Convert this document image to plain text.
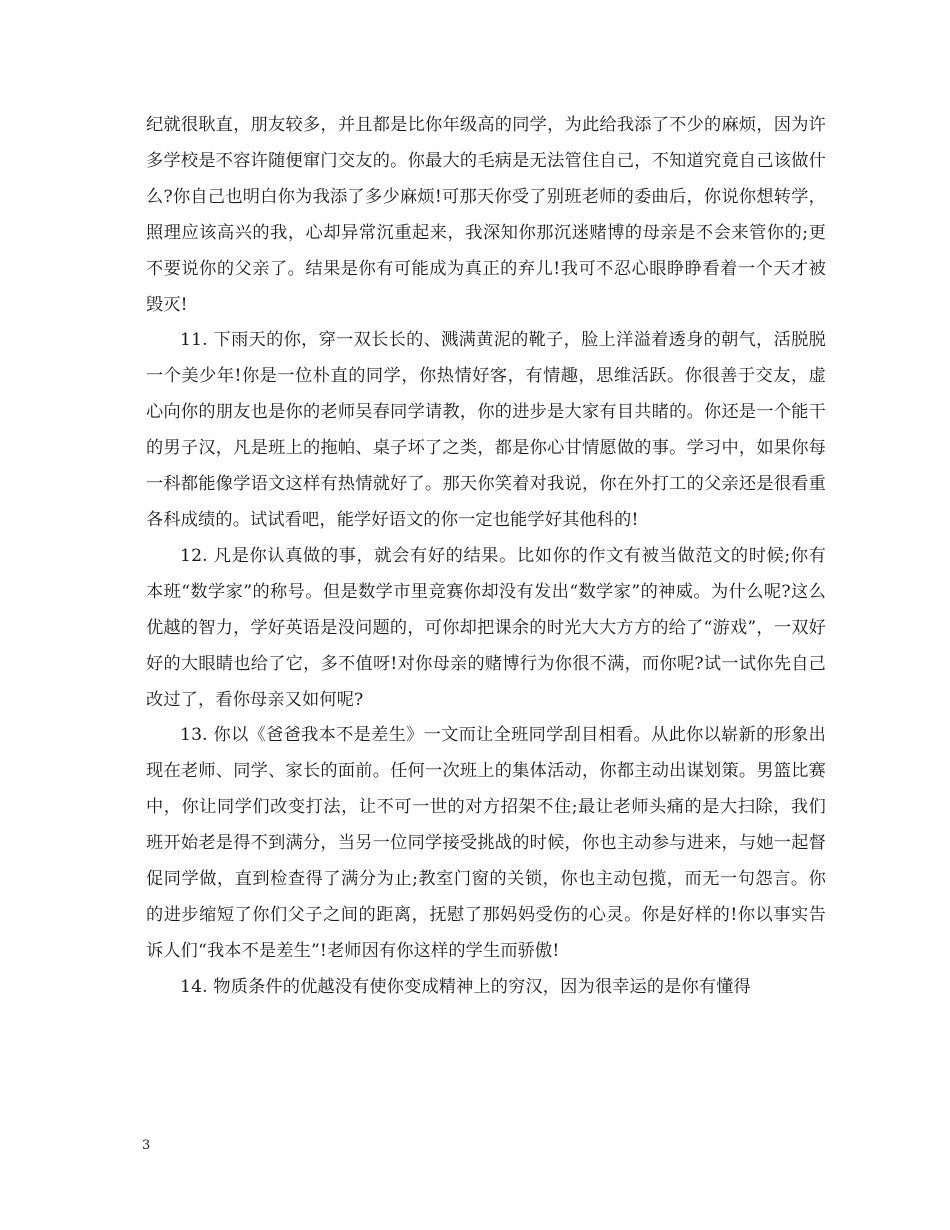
纪就很耿直，朋友较多，并且都是比你年级高的同学，为此给我添了不少的麻烦，因为许多学校是不容许随便窜门交友的。你最大的毛病是无法管住自己，不知道究竟自己该做什么?你自己也明白你为我添了多少麻烦!可那天你受了别班老师的委曲后，你说你想转学，照理应该高兴的我，心却异常沉重起来，我深知你那沉迷赌博的母亲是不会来管你的;更不要说你的父亲了。结果是你有可能成为真正的弃儿!我可不忍心眼睁睁看着一个天才被毁灭!

11. 下雨天的你，穿一双长长的、溅满黄泥的靴子，脸上洋溢着透身的朝气，活脱脱一个美少年!你是一位朴直的同学，你热情好客，有情趣，思维活跃。你很善于交友，虚心向你的朋友也是你的老师吴春同学请教，你的进步是大家有目共睹的。你还是一个能干的男子汉，凡是班上的拖帕、桌子坏了之类，都是你心甘情愿做的事。学习中，如果你每一科都能像学语文这样有热情就好了。那天你笑着对我说，你在外打工的父亲还是很看重各科成绩的。试试看吧，能学好语文的你一定也能学好其他科的!

12. 凡是你认真做的事，就会有好的结果。比如你的作文有被当做范文的时候;你有本班“数学家”的称号。但是数学市里竞赛你却没有发出“数学家”的神威。为什么呢?这么优越的智力，学好英语是没问题的，可你却把课余的时光大大方方的给了“游戏”，一双好好的大眼睛也给了它，多不值呀!对你母亲的赌博行为你很不满，而你呢?试一试你先自己改过了，看你母亲又如何呢?

13. 你以《爸爸我本不是差生》一文而让全班同学刮目相看。从此你以崭新的形象出现在老师、同学、家长的面前。任何一次班上的集体活动，你都主动出谋划策。男篮比赛中，你让同学们改变打法，让不可一世的对方招架不住;最让老师头痛的是大扫除，我们班开始老是得不到满分，当另一位同学接受挑战的时候，你也主动参与进来，与她一起督促同学做，直到检查得了满分为止;教室门窗的关锁，你也主动包揽，而无一句怨言。你的进步缩短了你们父子之间的距离，抚慰了那妈妈受伤的心灵。你是好样的!你以事实告诉人们“我本不是差生”!老师因有你这样的学生而骄傲!

14. 物质条件的优越没有使你变成精神上的穷汉，因为很幸运的是你有懂得

3
